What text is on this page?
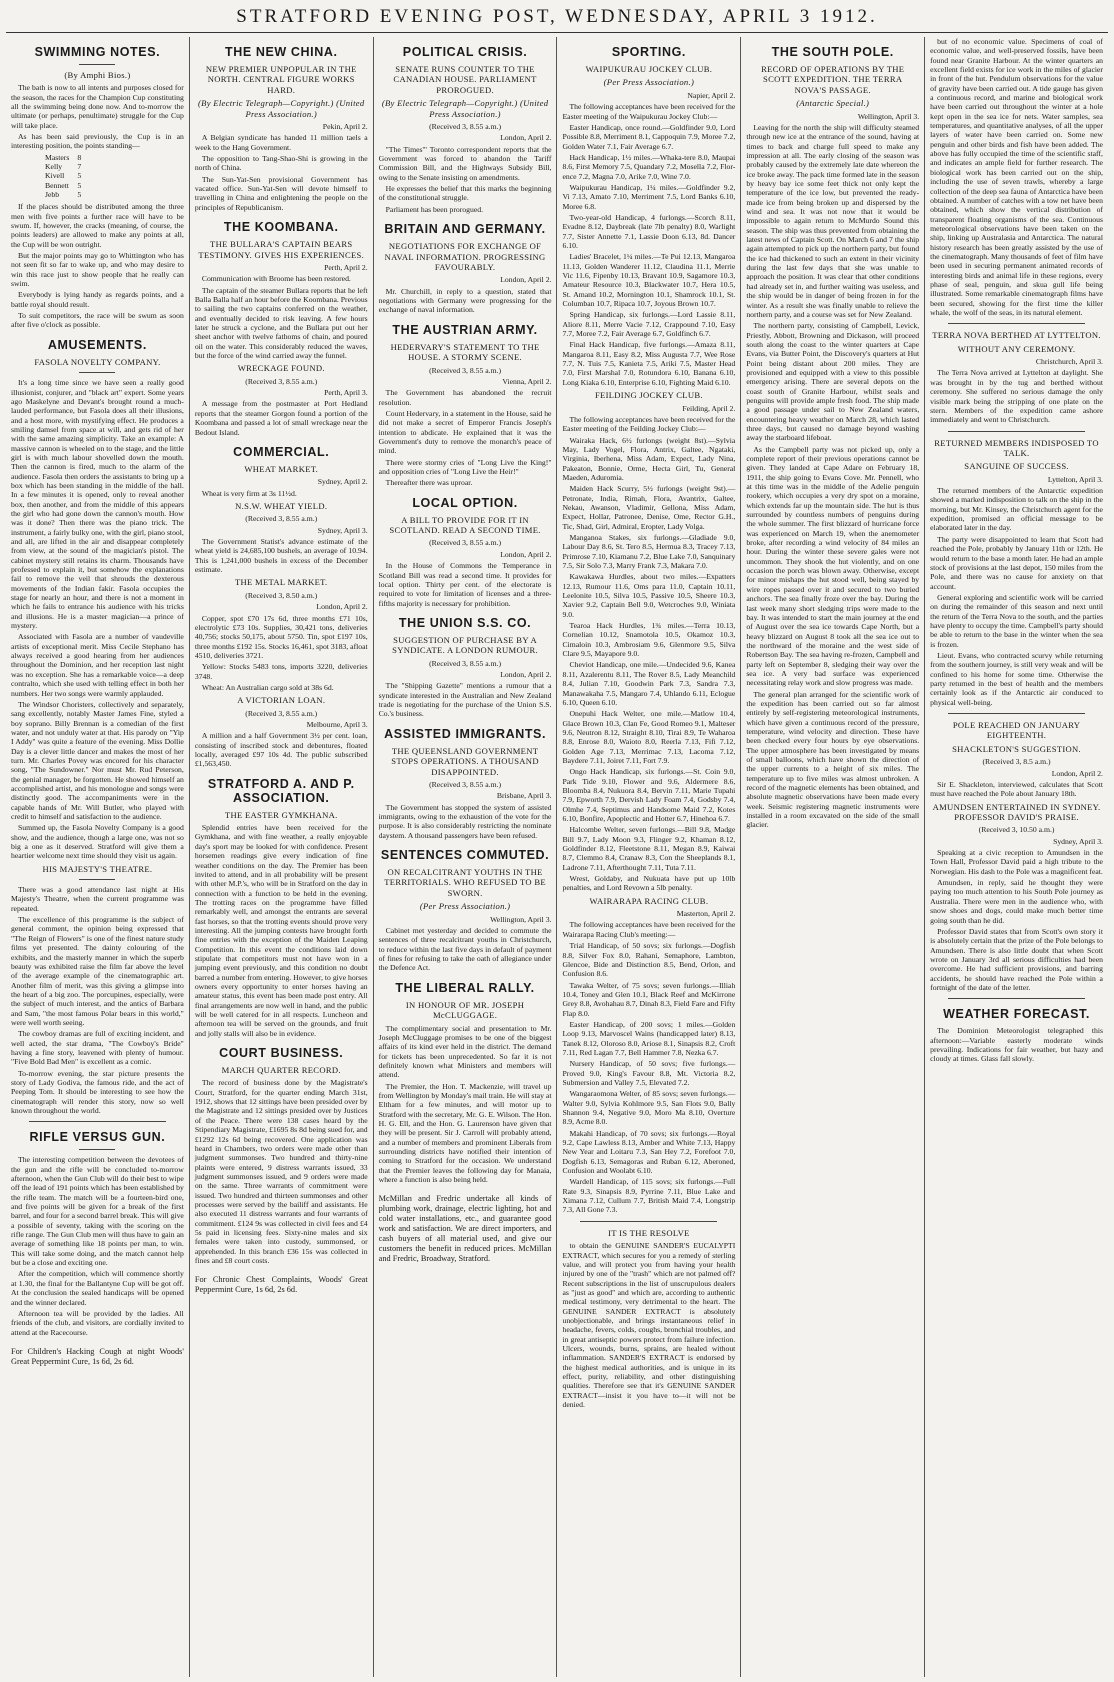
STRATFORD EVENING POST, WEDNESDAY, APRIL 3 1912.
SWIMMING NOTES.
(By Amphi Bios.)

The bath is now to all intents and purposes closed for the season, the races for the Champion Cup constituting all the swimming being done now. And to-morrow the ultimate (or perhaps, penultimate) struggle for the Cup will take place.

As has been said previously, the Cup is in an interesting position, the points standing—

Masters	8
Kelly	7
Kivell	5
Bennett	5
Jebb	5

If the places should be distributed among the three men with five points a further race will have to be swum. If, however, the cracks (meaning, of course, the points leaders) are allowed to make any points at all, the Cup will be won outright.

But the major points may go to Whittington who has not seen fit so far to wake up, and who may desire to win this race just to show people that he really can swim.

Everybody is lying handy as regards points, and a battle royal should result.

To suit competitors, the race will be swum as soon after five o'clock as possible.

AMUSEMENTS.
FASOLA NOVELTY COMPANY.

It's a long time since we have seen a really good illusionist, conjurer, and "black art" expert. Some years ago Maskelyne and Devant's brought round a much-lauded performance, but Fasola does all their illusions, and a host more, with mystifying effect. He produces a smiling damsel from space at will, and gets rid of her with the same amazing simplicity. Take an example: A massive cannon is wheeled on to the stage, and the little girl is with much labour shovelled down the mouth. Then the cannon is fired, much to the alarm of the audience. Fasola then orders the assistants to bring up a box which has been standing in the middle of the hall. In a few minutes it is opened, only to reveal another box, then another, and from the middle of this appears the girl who had gone down the cannon's mouth. How was it done? Then there was the piano trick. The instrument, a fairly bulky one, with the girl, piano stool, and all, are lifted in the air and disappear completely from view, at the sound of the magician's pistol. The cabinet mystery still retains its charm. Thousands have professed to explain it, but somehow the explanations fail to remove the veil that shrouds the dexterous movements of the Indian fakir. Fasola occupies the stage for nearly an hour, and there is not a moment in which he fails to entrance his audience with his tricks and illusions. He is a master magician—a prince of mystery.

Associated with Fasola are a number of vaudeville artists of exceptional merit. Miss Cecile Stephano has always received a good hearing from her audiences throughout the Dominion, and her reception last night was no exception. She has a remarkable voice—a deep contralto, which she used with telling effect in both her numbers. Her two songs were warmly applauded.

The Windsor Choristers, collectively and separately, sang excellently, notably Master James Fine, styled a boy soprano. Billy Brennan is a comedian of the first water, and not unduly water at that. His parody on "Yip I Addy" was quite a feature of the evening. Miss Dollie Day is a clever little dancer and makes the most of her turn. Mr. Charles Povey was encored for his character song, "The Sundowner." Nor must Mr. Rud Peterson, the genial manager, be forgotten. He showed himself an accomplished artist, and his monologue and songs were distinctly good. The accompaniments were in the capable hands of Mr. Will Butler, who played with credit to himself and satisfaction to the audience.

Summed up, the Fasola Novelty Company is a good show, and the audience, though a large one, was not so big a one as it deserved. Stratford will give them a heartier welcome next time should they visit us again.

HIS MAJESTY'S THEATRE.

There was a good attendance last night at His Majesty's Theatre, when the current programme was repeated.

The excellence of this programme is the subject of general comment, the opinion being expressed that "The Reign of Flowers" is one of the finest nature study films yet presented. The dainty colouring of the exhibits, and the masterly manner in which the superb beauty was exhibited raise the film far above the level of the average example of the cinematographic art. Another film of merit, was this giving a glimpse into the heart of a big zoo. The porcupines, especially, were the subject of much interest, and the antics of Barbara and Sam, "the most famous Polar bears in this world," were well worth seeing.

The cowboy dramas are full of exciting incident, and well acted, the star drama, "The Cowboy's Bride" having a fine story, leavened with plenty of humour. "Five Bold Bad Men" is excellent as a comic.

To-morrow evening, the star picture presents the story of Lady Godiva, the famous ride, and the act of Peeping Tom. It should be interesting to see how the cinematograph will render this story, now so well known throughout the world.

RIFLE VERSUS GUN.

The interesting competition between the devotees of the gun and the rifle will be concluded to-morrow afternoon, when the Gun Club will do their best to wipe off the lead of 191 points which has been established by the rifle team. The match will be a fourteen-bird one, and five points will be given for a break of the first barrel, and four for a second barrel break. This will give a possible of seventy, taking with the scoring on the rifle range. The Gun Club men will thus have to gain an average of something like 18 points per man, to win. This will take some doing, and the match cannot help but be a close and exciting one.

After the competition, which will commence shortly at 1.30, the final for the Ballantyne Cup will be got off. At the conclusion the sealed handicaps will be opened and the winner declared.

Afternoon tea will be provided by the ladies. All friends of the club, and visitors, are cordially invited to attend at the Racecourse.

For Children's Hacking Cough at night Woods' Great Peppermint Cure, 1s 6d, 2s 6d.

THE NEW CHINA.
NEW PREMIER UNPOPULAR IN THE NORTH. CENTRAL FIGURE WORKS HARD.
(By Electric Telegraph—Copyright.) (United Press Association.)

Pekin, April 2.

A Belgian syndicate has handed 11 million taels a week to the Hang Government.

The opposition to Tang-Shao-Shi is growing in the north of China.

The Sun-Yat-Sen provisional Government has vacated office. Sun-Yat-Sen will devote himself to travelling in China and enlightening the people on the principles of Republicanism.

THE KOOMBANA.
THE BULLARA'S CAPTAIN BEARS TESTIMONY. GIVES HIS EXPERIENCES.

Perth, April 2.

Communication with Broome has been restored.

The captain of the steamer Bullara reports that he left Balla Balla half an hour before the Koombana. Previous to sailing the two captains conferred on the weather, and eventually decided to risk leaving. A few hours later he struck a cyclone, and the Bullara put out her sheet anchor with twelve fathoms of chain, and poured oil on the water. This considerably reduced the waves, but the force of the wind carried away the funnel.

WRECKAGE FOUND.

(Received 3, 8.55 a.m.)

Perth, April 3.

A message from the postmaster at Port Hedland reports that the steamer Gorgon found a portion of the Koombana and passed a lot of small wreckage near the Bedout Island.

COMMERCIAL.
WHEAT MARKET.

Sydney, April 2.

Wheat is very firm at 3s 11½d.

N.S.W. WHEAT YIELD.

(Received 3, 8.55 a.m.)

Sydney, April 3.

The Government Statist's advance estimate of the wheat yield is 24,685,100 bushels, an average of 10.94. This is 1,241,000 bushels in excess of the December estimate.

THE METAL MARKET.

(Received 3, 8.50 a.m.)

London, April 2.

Copper, spot £70 17s 6d, three months £71 10s, electrolytic £73 10s. Supplies, 30,421 tons, deliveries 40,756; stocks 50,175, about 5750. Tin, spot £197 10s, three months £192 15s. Stocks 16,461, spot 3183, afloat 4510, deliveries 3721.

Yellow: Stocks 5483 tons, imports 3220, deliveries 3748.

Wheat: An Australian cargo sold at 38s 6d.

A VICTORIAN LOAN.

(Received 3, 8.55 a.m.)

Melbourne, April 3.

A million and a half Government 3½ per cent. loan, consisting of inscribed stock and debentures, floated locally, averaged £97 10s 4d. The public subscribed £1,563,450.

STRATFORD A. AND P. ASSOCIATION.
THE EASTER GYMKHANA.

Splendid entries have been received for the Gymkhana, and with fine weather, a really enjoyable day's sport may be looked for with confidence. Present horsemen readings give every indication of fine weather conditions on the day. The Premier has been invited to attend, and in all probability will be present with other M.P.'s, who will be in Stratford on the day in connection with a function to be held in the evening. The trotting races on the programme have filled remarkably well, and amongst the entrants are several fast horses, so that the trotting events should prove very interesting. All the jumping contests have brought forth fine entries with the exception of the Maiden Leaping Competition. In this event the conditions laid down stipulate that competitors must not have won in a jumping event previously, and this condition no doubt barred a number from entering. However, to give horses owners every opportunity to enter horses having an amateur status, this event has been made post entry. All final arrangements are now well in hand, and the public will be well catered for in all respects. Luncheon and afternoon tea will be served on the grounds, and fruit and jolly stalls will also be in evidence.

COURT BUSINESS.
MARCH QUARTER RECORD.

The record of business done by the Magistrate's Court, Stratford, for the quarter ending March 31st, 1912, shows that 12 sittings have been presided over by the Magistrate and 12 sittings presided over by Justices of the Peace. There were 138 cases heard by the Stipendiary Magistrate, £1695 8s 8d being sued for, and £1292 12s 6d being recovered. One application was heard in Chambers, two orders were made other than judgment summonses. Two hundred and thirty-nine plaints were entered, 9 distress warrants issued, 33 judgment summonses issued, and 9 orders were made on the same. Three warrants of commitment were issued. Two hundred and thirteen summonses and other processes were served by the bailiff and assistants. He also executed 11 distress warrants and four warrants of commitment. £124 9s was collected in civil fees and £4 5s paid in licensing fees. Sixty-nine males and six females were taken into custody, summonsed, or apprehended. In this branch £36 15s was collected in fines and £8 court costs.

For Chronic Chest Complaints, Woods' Great Peppermint Cure, 1s 6d, 2s 6d.

POLITICAL CRISIS.
SENATE RUNS COUNTER TO THE CANADIAN HOUSE. PARLIAMENT PROROGUED.
(By Electric Telegraph—Copyright.) (United Press Association.)

(Received 3, 8.55 a.m.)

London, April 2.

"The Times'" Toronto correspondent reports that the Government was forced to abandon the Tariff Commission Bill, and the Highways Subsidy Bill, owing to the Senate insisting on amendments.

He expresses the belief that this marks the beginning of the constitutional struggle.

Parliament has been prorogued.

BRITAIN AND GERMANY.
NEGOTIATIONS FOR EXCHANGE OF NAVAL INFORMATION. PROGRESSING FAVOURABLY.

London, April 2.

Mr. Churchill, in reply to a question, stated that negotiations with Germany were progressing for the exchange of naval information.

THE AUSTRIAN ARMY.
HEDERVARY'S STATEMENT TO THE HOUSE. A STORMY SCENE.

(Received 3, 8.55 a.m.)

Vienna, April 2.

The Government has abandoned the recruit resolution.

Count Hedervary, in a statement in the House, said he did not make a secret of Emperor Francis Joseph's intention to abdicate. He explained that it was the Government's duty to remove the monarch's peace of mind.

There were stormy cries of "Long Live the King!" and opposition cries of "Long Live the Heir!"

Thereafter there was uproar.

LOCAL OPTION.
A BILL TO PROVIDE FOR IT IN SCOTLAND. READ A SECOND TIME.

(Received 3, 8.55 a.m.)

London, April 2.

In the House of Commons the Temperance in Scotland Bill was read a second time. It provides for local option. Thirty per cent. of the electorate is required to vote for limitation of licenses and a three-fifths majority is necessary for prohibition.

THE UNION S.S. CO.
SUGGESTION OF PURCHASE BY A SYNDICATE. A LONDON RUMOUR.

(Received 3, 8.55 a.m.)

London, April 2.

The "Shipping Gazette" mentions a rumour that a syndicate interested in the Australian and New Zealand trade is negotiating for the purchase of the Union S.S. Co.'s business.

ASSISTED IMMIGRANTS.
THE QUEENSLAND GOVERNMENT STOPS OPERATIONS. A THOUSAND DISAPPOINTED.

(Received 3, 8.55 a.m.)

Brisbane, April 3.

The Government has stopped the system of assisted immigrants, owing to the exhaustion of the vote for the purpose. It is also considerably restricting the nominate daystem. A thousand passengers have been refused.

SENTENCES COMMUTED.
ON RECALCITRANT YOUTHS IN THE TERRITORIALS. WHO REFUSED TO BE SWORN.
(Per Press Association.)

Wellington, April 3.

Cabinet met yesterday and decided to commute the sentences of three recalcitrant youths in Christchurch, to reduce within the last five days in default of payment of fines for refusing to take the oath of allegiance under the Defence Act.

THE LIBERAL RALLY.
IN HONOUR OF MR. JOSEPH McCLUGGAGE.

The complimentary social and presentation to Mr. Joseph McCluggage promises to be one of the biggest affairs of its kind ever held in the district. The demand for tickets has been unprecedented. So far it is not definitely known what Ministers and members will attend.

The Premier, the Hon. T. Mackenzie, will travel up from Wellington by Monday's mail train. He will stay at Eltham for a few minutes, and will motor up to Stratford with the secretary, Mr. G. E. Wilson. The Hon. H. G. Ell, and the Hon. G. Laurenson have given that they will be present. Sir J. Carroll will probably attend, and a number of members and prominent Liberals from surrounding districts have notified their intention of coming to Stratford for the occasion. We understand that the Premier leaves the following day for Manaia, where a function is also being held.

McMillan and Fredric undertake all kinds of plumbing work, drainage, electric lighting, hot and cold water installations, etc., and guarantee good work and satisfaction. We are direct importers, and cash buyers of all material used, and give our customers the benefit in reduced prices. McMillan and Fredric, Broadway, Stratford.

SPORTING.
WAIPUKURAU JOCKEY CLUB.
(Per Press Association.)

Napier, April 2.

The following acceptances have been received for the Easter meeting of the Waipukurau Jockey Club:—

Easter Handicap, once round.—Goldfinder 9.0, Lord Possible 8.8, Merriment 8.1, Cappoquin 7.9, Moree 7.2, Golden Water 7.1, Fair Average 6.7.

Hack Handicap, 1½ miles.—Whaka-tere 8.0, Maupai 8.6, First Memory 7.5, Quandary 7.2, Mosella 7.2, Flor-ence 7.2, Magna 7.0, Arike 7.0, Wine 7.0.

Waipukurau Handicap, 1¼ miles.—Goldfinder 9.2, Vi 7.13, Amato 7.10, Merriment 7.5, Lord Banks 6.10, Moree 6.8.

Two-year-old Handicap, 4 furlongs.—Scorch 8.11, Evadne 8.12, Daybreak (late 7lb penalty) 8.0, Warlight 7.7, Sister Annette 7.1, Lassie Doon 6.13, 8d. Dancer 6.10.

Ladies' Bracelet, 1¼ miles.—Te Pui 12.13, Mangaroa 11.13, Golden Wanderer 11.12, Claudina 11.1, Merrie Vic 11.6, Fipenby 10.13, Bravant 10.9, Sagamore 10.3, Amateur Resource 10.3, Blackwater 10.7, Hera 10.5, St. Amand 10.2, Mornington 10.1, Shamrock 10.1, St. Columban 10.7, Ripaca 10.7, Joyous Brown 10.7.

Spring Handicap, six furlongs.—Lord Lassie 8.11, Aliore 8.11, Merre Vacie 7.12, Crappound 7.10, Easy 7.7, Moree 7.2, Fair Average 6.7, Goldfinch 6.7.

Final Hack Handicap, five furlongs.—Amaza 8.11, Mangaroa 8.11, Easy 8.2, Miss Augusta 7.7, Wee Rose 7.7, N. Tuis 7.5, Kanieta 7.5, Ariki 7.5, Master Head 7.0, First Marshal 7.0, Rotundora 6.10, Banana 6.10, Long Kiaka 6.10, Enterprise 6.10, Fighting Maid 6.10.

FEILDING JOCKEY CLUB.

Feilding, April 2.

The following acceptances have been received for the Easter meeting of the Feilding Jockey Club:—

Wairaka Hack, 6½ furlongs (weight 8st).—Sylvia May, Lady Vogel, Flora, Antrix, Galtee, Ngataki, Virginia, Iberhena, Miss Adam, Expect, Lady Nina, Pakeaton, Bonnie, Orme, Hecta Girl, Tu, General Maeden, Aduromia.

Maiden Hack Scurry, 5½ furlongs (weight 9st).—Petronate, India, Rimah, Flora, Avantrix, Galtee, Nekau, Awanson, Vladimir, Gellona, Miss Adam, Expect, Hollar, Patronee, Denise, Ome, Rector G.H., Tic, Shad, Girl, Admiral, Eropter, Lady Volga.

Manganoa Stakes, six furlongs.—Gladiade 9.0, Labour Day 8.6, St. Tero 8.5, Hermua 8.3, Tracey 7.13, Primrose 7.10, Kiamanu 7.2, Blue Lake 7.0, Sanquinary 7.5, Sir Solo 7.3, Marry Frank 7.3, Makara 7.0.

Kawakawa Hurdles, about two miles.—Expatters 12.13, Rumour 11.6, Oms para 11.0, Captain 10.11, Leelonite 10.5, Silva 10.5, Passive 10.5, Sheere 10.3, Xavier 9.2, Captain Bell 9.0, Wetcroches 9.0, Winiata 9.0.

Tearoa Hack Hurdles, 1¾ miles.—Terra 10.13, Cornelian 10.12, Snamotola 10.5, Okamoz 10.3, Cimaloin 10.3, Ambrosiam 9.6, Glenmore 9.5, Silva Clare 9.5, Mayapore 9.0.

Cheviot Handicap, one mile.—Undecided 9.6, Kanea 8.11, Azalerentu 8.11, The Rover 8.5, Lady Meanchild 8.4, Julian 7.10, Goodwin Park 7.3, Sandra 7.3, Manawakaha 7.5, Mangaro 7.4, Uhlando 6.11, Eclogue 6.10, Queen 6.10.

Onepuhi Hack Welter, one mile.—Matlow 10.4, Glace Brown 10.3, Clan Fe, Good Romeo 9.1, Malteser 9.6, Neutron 8.12, Straight 8.10, Tirai 8.9, Te Waharoa 8.8, Enrose 8.0, Waioto 8.0, Reerla 7.13, Fifi 7.12, Golden Age 7.13, Merrimac 7.13, Lacoma 7.12, Baydere 7.11, Joiret 7.11, Fort 7.9.

Ongo Hack Handicap, six furlongs.—St. Coin 9.0, Park Tide 9.10, Flower and 9.6, Aldermere 8.6, Bloomba 8.4, Nukuora 8.4, Bervin 7.11, Marie Tupahi 7.9, Epworth 7.9, Dervish Lady Foam 7.4, Godsby 7.4, Olmhe 7.4, Septimus and Handsome Maid 7.2, Kotes 6.10, Bonfire, Apoplectic and Hotter 6.7, Hinehoa 6.7.

Halcombe Welter, seven furlongs.—Bill 9.8, Madge Bill 9.7, Lady Moon 9.3, Flinger 9.2, Khaman 8.12, Goldfinder 8.12, Fleetstone 8.11, Megan 8.9, Kaiwai 8.7, Clemmo 8.4, Cranaw 8.3, Con the Sheeplands 8.1, Ladrone 7.11, Afterthought 7.11, Tuta 7.11.

Wrest, Goldaby, and Nukuata have put up 10lb penalties, and Lord Revown a 5lb penalty.

WAIRARAPA RACING CLUB.

Masterton, April 2.

The following acceptances have been received for the Wairarapa Racing Club's meeting:—

Trial Handicap, of 50 sovs; six furlongs.—Dogfish 8.8, Silver Fox 8.0, Rahani, Semaphore, Lambton, Glencoe, Bide and Distinction 8.5, Bend, Orlon, and Confusion 8.6.

Tawaka Welter, of 75 sovs; seven furlongs.—Illiah 10.4, Toney and Glen 10.1, Black Reef and McKirrone Grey 8.8, Avohahau 8.7, Dinah 8.3, Field Fare and Fifty Flap 8.0.

Easter Handicap, of 200 sovs; 1 miles.—Golden Loop 9.13, Marvoscel Wains (handicapped later) 8.13, Tanek 8.12, Oloroso 8.0, Ariose 8.1, Sinapsis 8.2, Croft 7.11, Red Lagan 7.7, Bell Hammer 7.8, Nezka 6.7.

Nursery Handicap, of 50 sovs; five furlongs.—Proved 9.0, King's Favour 8.8, Mt. Victoria 8.2, Submersion and Valley 7.5, Elevated 7.2.

Wangaraomona Welter, of 85 sovs; seven furlongs.—Walter 9.0, Sylvia Kohlmore 9.5, San Flots 9.0, Bally Shannon 9.4, Negative 9.0, Moro Ma 8.10, Overture 8.9, Acme 8.0.

Makahi Handicap, of 70 sovs; six furlongs.—Royal 9.2, Cape Lawless 8.13, Amber and White 7.13, Happy New Year and Loitaru 7.3, San Hey 7.2, Forefoot 7.0, Dogfish 6.13, Semagoras and Ruban 6.12, Aberoned, Confusion and Woolabt 6.10.

Wardell Handicap, of 115 sovs; six furlongs.—Full Rate 9.3, Sinapsis 8.9, Pyrrine 7.11, Blue Lake and Ximana 7.12, Cullum 7.7, British Maid 7.4, Longstrip 7.3, All Gone 7.3.

IT IS THE RESOLVE

to obtain the GENUINE SANDER'S EUCALYPTI EXTRACT, which secures for you a remedy of sterling value, and will protect you from having your health injured by one of the "trash" which are not palmed off? Recent subscriptions in the list of unscrupulous dealers as "just as good" and which are, according to authentic medical testimony, very detrimental to the heart. The GENUINE SANDER EXTRACT is absolutely unobjectionable, and brings instantaneous relief in headache, fevers, colds, coughs, bronchial troubles, and in great antiseptic powers protect from failure infection. Ulcers, wounds, burns, sprains, are healed without inflammation. SANDER'S EXTRACT is endorsed by the highest medical authorities, and is unique in its effect, purity, reliability, and other distinguishing qualities. Therefore see that it's GENUINE SANDER EXTRACT—insist it you have to—it will not be denied.

THE SOUTH POLE.
RECORD OF OPERATIONS BY THE SCOTT EXPEDITION. THE TERRA NOVA'S PASSAGE.
(Antarctic Special.)

Wellington, April 3.

Leaving for the north the ship will difficulty steamed through new ice at the entrance of the sound, having at times to back and charge full speed to make any impression at all. The early closing of the season was probably caused by the extremely late date whereon the ice broke away. The pack time formed late in the season by heavy bay ice some feet thick not only kept the temperature of the ice low, but prevented the ready-made ice from being broken up and dispersed by the wind and sea. It was not now that it would be impossible to again return to McMurdo Sound this season. The ship was thus prevented from obtaining the latest news of Captain Scott. On March 6 and 7 the ship again attempted to pick up the northern party, but found the ice had thickened to such an extent in their vicinity during the last few days that she was unable to approach the position. It was clear that other conditions had already set in, and further waiting was useless, and the ship would be in danger of being frozen in for the winter. As a result she was finally unable to relieve the northern party, and a course was set for New Zealand.

The northern party, consisting of Campbell, Levick, Priestly, Abbott, Browning and Dickason, will proceed south along the coast to the winter quarters at Cape Evans, via Butter Point, the Discovery's quarters at Hut Point being distant about 200 miles. They are provisioned and equipped with a view to this possible emergency arising. There are several depots on the coast south of Granite Harbour, whilst seals and penguins will provide ample fresh food. The ship made a good passage under sail to New Zealand waters, encountering heavy weather on March 28, which lasted three days, but caused no damage beyond washing away the starboard lifeboat.

As the Campbell party was not picked up, only a complete report of their previous operations cannot be given. They landed at Cape Adare on February 18, 1911, the ship going to Evans Cove. Mr. Pennell, who at this time was in the middle of the Adelie penguin rookery, which occupies a very dry spot on a moraine, which extends far up the mountain side. The hut is thus surrounded by countless numbers of penguins during the whole summer. The first blizzard of hurricane force was experienced on March 19, when the anemometer broke, after recording a wind velocity of 84 miles an hour. During the winter these severe gales were not uncommon. They shook the hut violently, and on one occasion the porch was blown away. Otherwise, except for minor mishaps the hut stood well, being stayed by wire ropes passed over it and secured to two buried anchors. The sea finally froze over the bay. During the last week many short sledging trips were made to the bay. It was intended to start the main journey at the end of August over the sea ice towards Cape North, but a heavy blizzard on August 8 took all the sea ice out to the northward of the moraine and the west side of Robertson Bay. The sea having re-frozen, Campbell and party left on September 8, sledging their way over the sea ice. A very bad surface was experienced necessitating relay work and slow progress was made.

The general plan arranged for the scientific work of the expedition has been carried out so far almost entirely by self-registering meteorological instruments, which have given a continuous record of the pressure, temperature, wind velocity and direction. These have been checked every four hours by eye observations. The upper atmosphere has been investigated by means of small balloons, which have shown the direction of the upper currents to a height of six miles. The temperature up to five miles was almost unbroken. A record of the magnetic elements has been obtained, and absolute magnetic observations have been made every week. Seismic registering magnetic instruments were installed in a room excavated on the side of the small glacier.

but of no economic value. Specimens of coal of economic value, and well-preserved fossils, have been found near Granite Harbour. At the winter quarters an excellent field exists for ice work in the miles of glacier in front of the hut. Pendulum observations for the value of gravity have been carried out. A tide gauge has given a continuous record, and marine and biological work have been carried out throughout the winter at a hole kept open in the sea ice for nets. Water samples, sea temperatures, and quantitative analyses, of all the upper layers of water have been carried on. Some new penguin and other birds and fish have been added. The above has fully occupied the time of the scientific staff, and indicates an ample field for further research. The biological work has been carried out on the ship, including the use of seven trawls, whereby a large collection of the deep sea fauna of Antarctica have been obtained. A number of catches with a tow net have been obtained, which show the vertical distribution of transparent floating organisms of the sea. Continuous meteorological observations have been taken on the ship, linking up Australasia and Antarctica. The natural history research has been greatly assisted by the use of the cinematograph. Many thousands of feet of film have been used in securing permanent animated records of interesting birds and animal life in these regions, every phase of seal, penguin, and skua gull life being illustrated. Some remarkable cinematograph films have been secured, showing for the first time the killer whale, the wolf of the seas, in its natural element.

TERRA NOVA BERTHED AT LYTTELTON.
WITHOUT ANY CEREMONY.

Christchurch, April 3.

The Terra Nova arrived at Lyttelton at daylight. She was brought in by the tug and berthed without ceremony. She suffered no serious damage the only visible mark being the stripping of one plate on the stern. Members of the expedition came ashore immediately and went to Christchurch.

RETURNED MEMBERS INDISPOSED TO TALK.
SANGUINE OF SUCCESS.

Lyttelton, April 3.

The returned members of the Antarctic expedition showed a marked indisposition to talk on the ship in the morning, but Mr. Kinsey, the Christchurch agent for the expedition, promised an official message to be elaborated later in the day.

The party were disappointed to learn that Scott had reached the Pole, probably by January 11th or 12th. He would return to the base a month later. He had an ample stock of provisions at the last depot, 150 miles from the Pole, and there was no cause for anxiety on that account.

General exploring and scientific work will be carried on during the remainder of this season and next until the return of the Terra Nova to the south, and the parties have plenty to occupy the time. Campbell's party should be able to return to the base in the winter when the sea is frozen.

Lieut. Evans, who contracted scurvy while returning from the southern journey, is still very weak and will be confined to his home for some time. Otherwise the party returned in the best of health and the members certainly look as if the Antarctic air conduced to physical well-being.

POLE REACHED ON JANUARY EIGHTEENTH.
SHACKLETON'S SUGGESTION.

(Received 3, 8.5 a.m.)

London, April 2.

Sir E. Shackleton, interviewed, calculates that Scott must have reached the Pole about January 18th.

AMUNDSEN ENTERTAINED IN SYDNEY. PROFESSOR DAVID'S PRAISE.

(Received 3, 10.50 a.m.)

Sydney, April 3.

Speaking at a civic reception to Amundsen in the Town Hall, Professor David paid a high tribute to the Norwegian. His dash to the Pole was a magnificent feat.

Amundsen, in reply, said he thought they were paying too much attention to his South Pole journey as Australia. There were men in the audience who, with snow shoes and dogs, could make much better time going south than he did.

Professor David states that from Scott's own story it is absolutely certain that the prize of the Pole belongs to Amundsen. There is also little doubt that when Scott wrote on January 3rd all serious difficulties had been overcome. He had sufficient provisions, and barring accidents, he should have reached the Pole within a fortnight of the date of the letter.

WEATHER FORECAST.

The Dominion Meteorologist telegraphed this afternoon:—Variable easterly moderate winds prevailing. Indications for fair weather, but hazy and cloudy at times. Glass fall slowly.
